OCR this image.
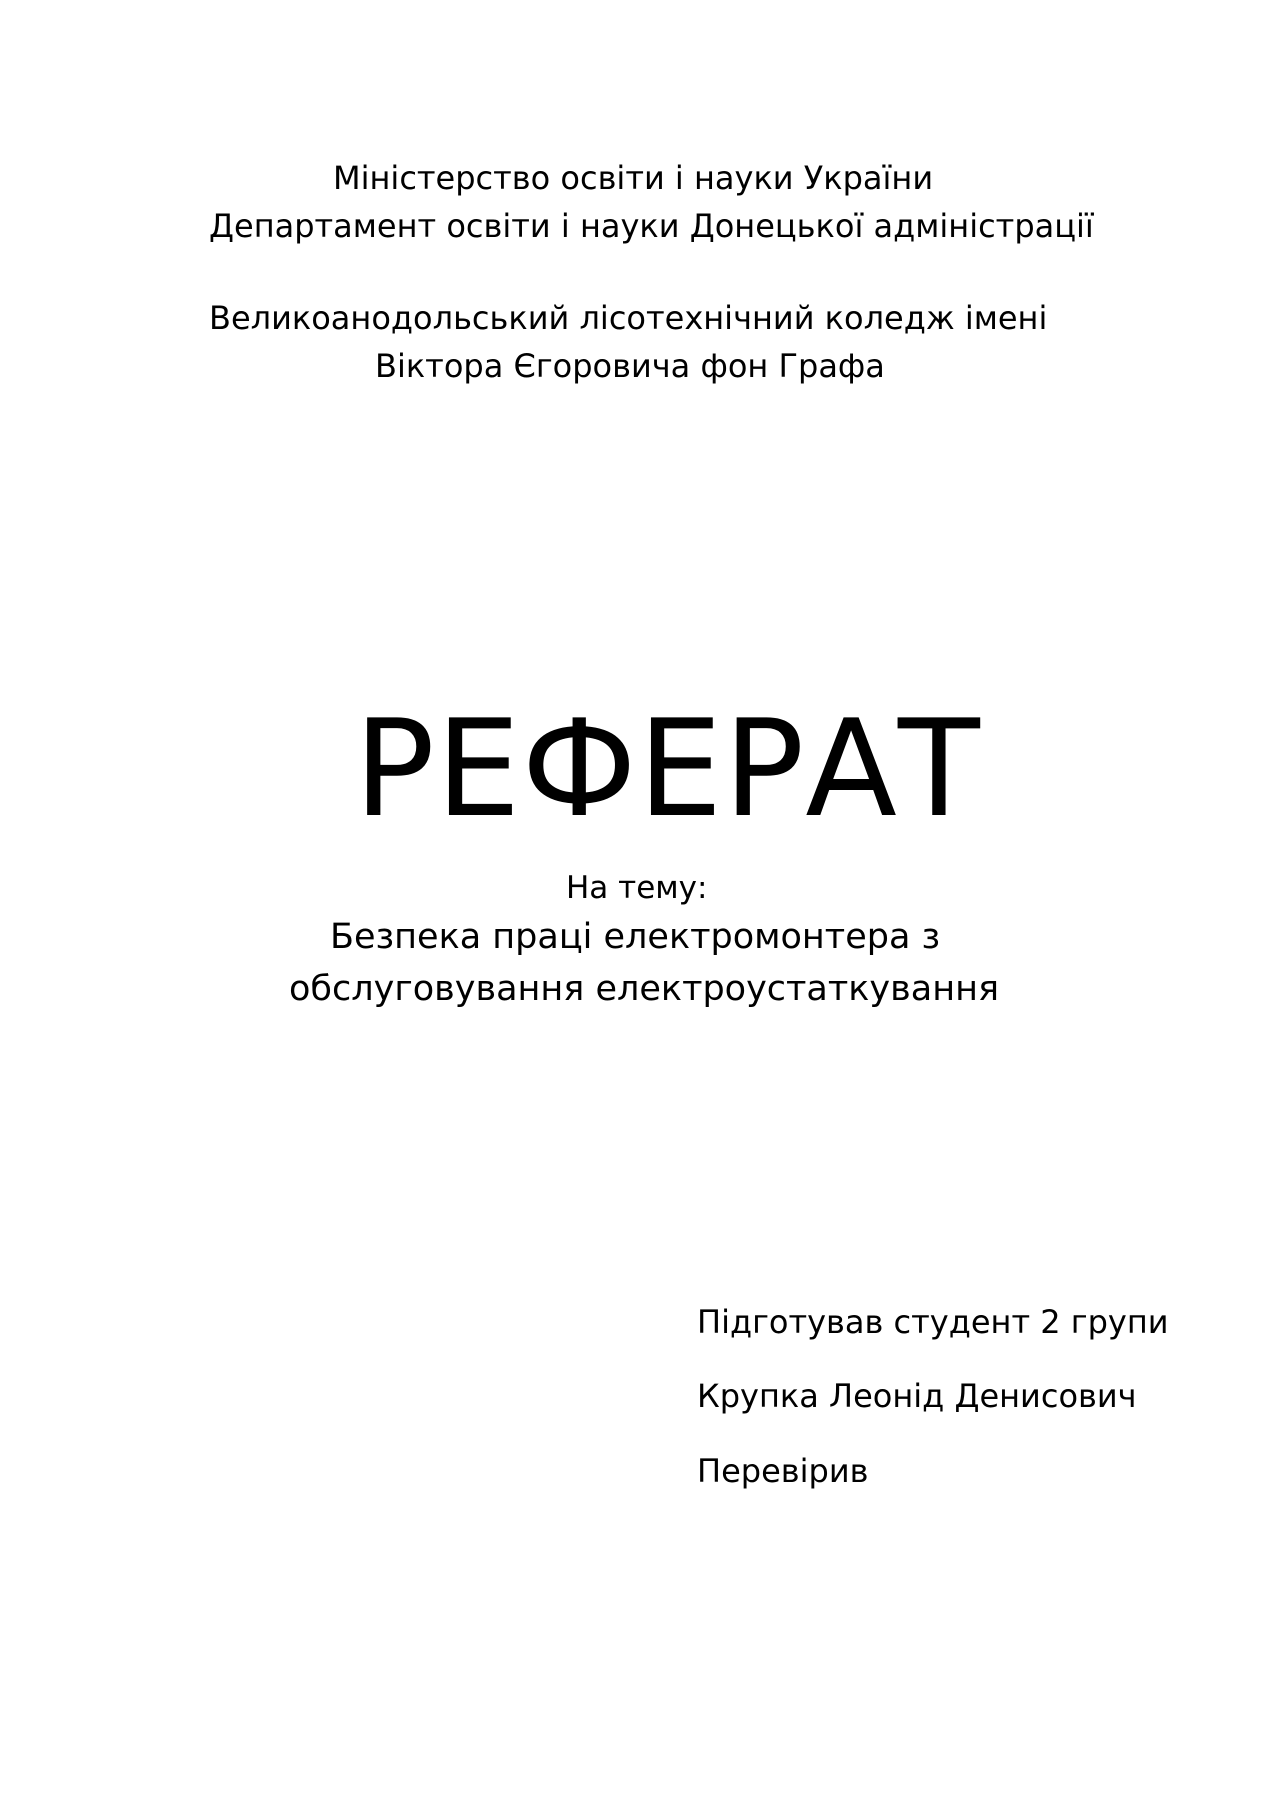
Міністерство освіти і науки України
Департамент освіти і науки Донецької адміністрації
Великоанодольський лісотехнічний коледж імені
Віктора Єгоровича фон Графа
РЕФЕРАТ
На тему:
Безпека праці електромонтера з
обслуговування електроустаткування
Підготував студент 2 групи
Крупка Леонід Денисович
Перевірив
